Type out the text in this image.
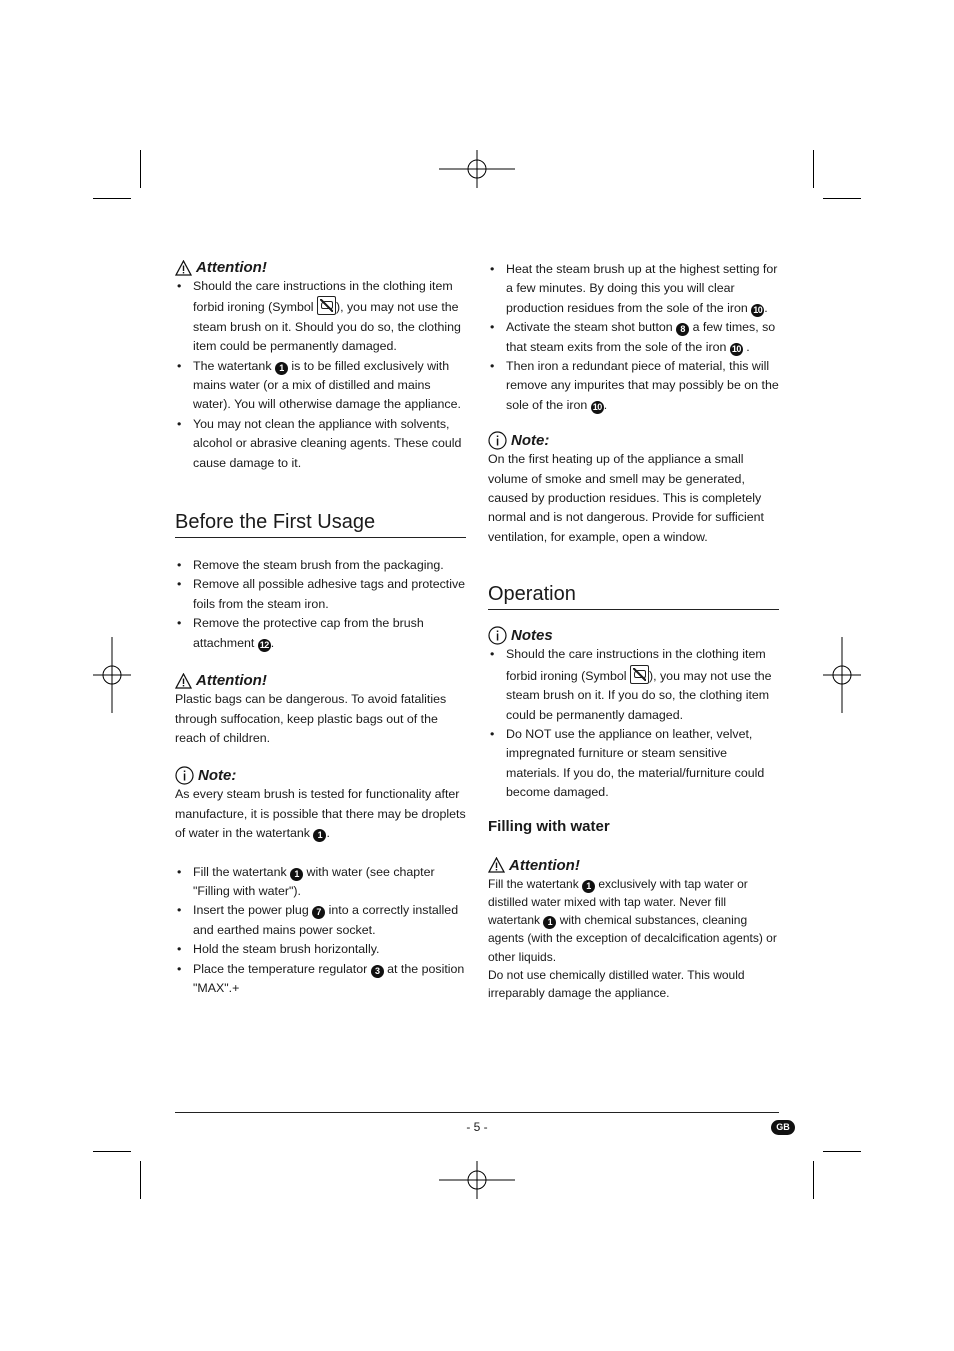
Attention!
• Should the care instructions in the clothing item forbid ironing (Symbol ), you may not use the steam brush on it. Should you do so, the clothing item could be permanently damaged.
• The watertank 1 is to be filled exclusively with mains water (or a mix of distilled and mains water). You will otherwise damage the appliance.
• You may not clean the appliance with solvents, alcohol or abrasive cleaning agents. These could cause damage to it.
Before the First Usage
• Remove the steam brush from the packaging.
• Remove all possible adhesive tags and protective foils from the steam iron.
• Remove the protective cap from the brush attachment 12 .
Attention!

Plastic bags can be dangerous. To avoid fatalities through suffocation, keep plastic bags out of the reach of children.

Note:

As every steam brush is tested for functionality after manufacture, it is possible that there may be droplets of water in the watertank 1 .

• Fill the watertank 1 with water (see chapter "Filling with water").
• Insert the power plug 7 into a correctly installed and earthed mains power socket.
• Hold the steam brush horizontally.
• Place the temperature regulator 3 at the position "MAX".+
• Heat the steam brush up at the highest setting for a few minutes. By doing this you will clear production residues from the sole of the iron 10 .
• Activate the steam shot button 8 a few times, so that steam exits from the sole of the iron 10 .
• Then iron a redundant piece of material, this will remove any impurites that may possibly be on the sole of the iron 10 .
Note:

On the first heating up of the appliance a small volume of smoke and smell may be generated, caused by production residues. This is completely normal and is not dangerous. Provide for sufficient ventilation, for example, open a window.

Operation
Notes
• Should the care instructions in the clothing item forbid ironing (Symbol ), you may not use the steam brush on it. If you do so, the clothing item could be permanently damaged.
• Do NOT use the appliance on leather, velvet, impregnated furniture or steam sensitive materials. If you do, the material/furniture could become damaged.
Filling with water
Attention!

Fill the watertank 1 exclusively with tap water or distilled water mixed with tap water. Never fill watertank 1 with chemical substances, cleaning agents (with the exception of decalcification agents) or other liquids.

Do not use chemically distilled water. This would irreparably damage the appliance.

- 5 -	GB
